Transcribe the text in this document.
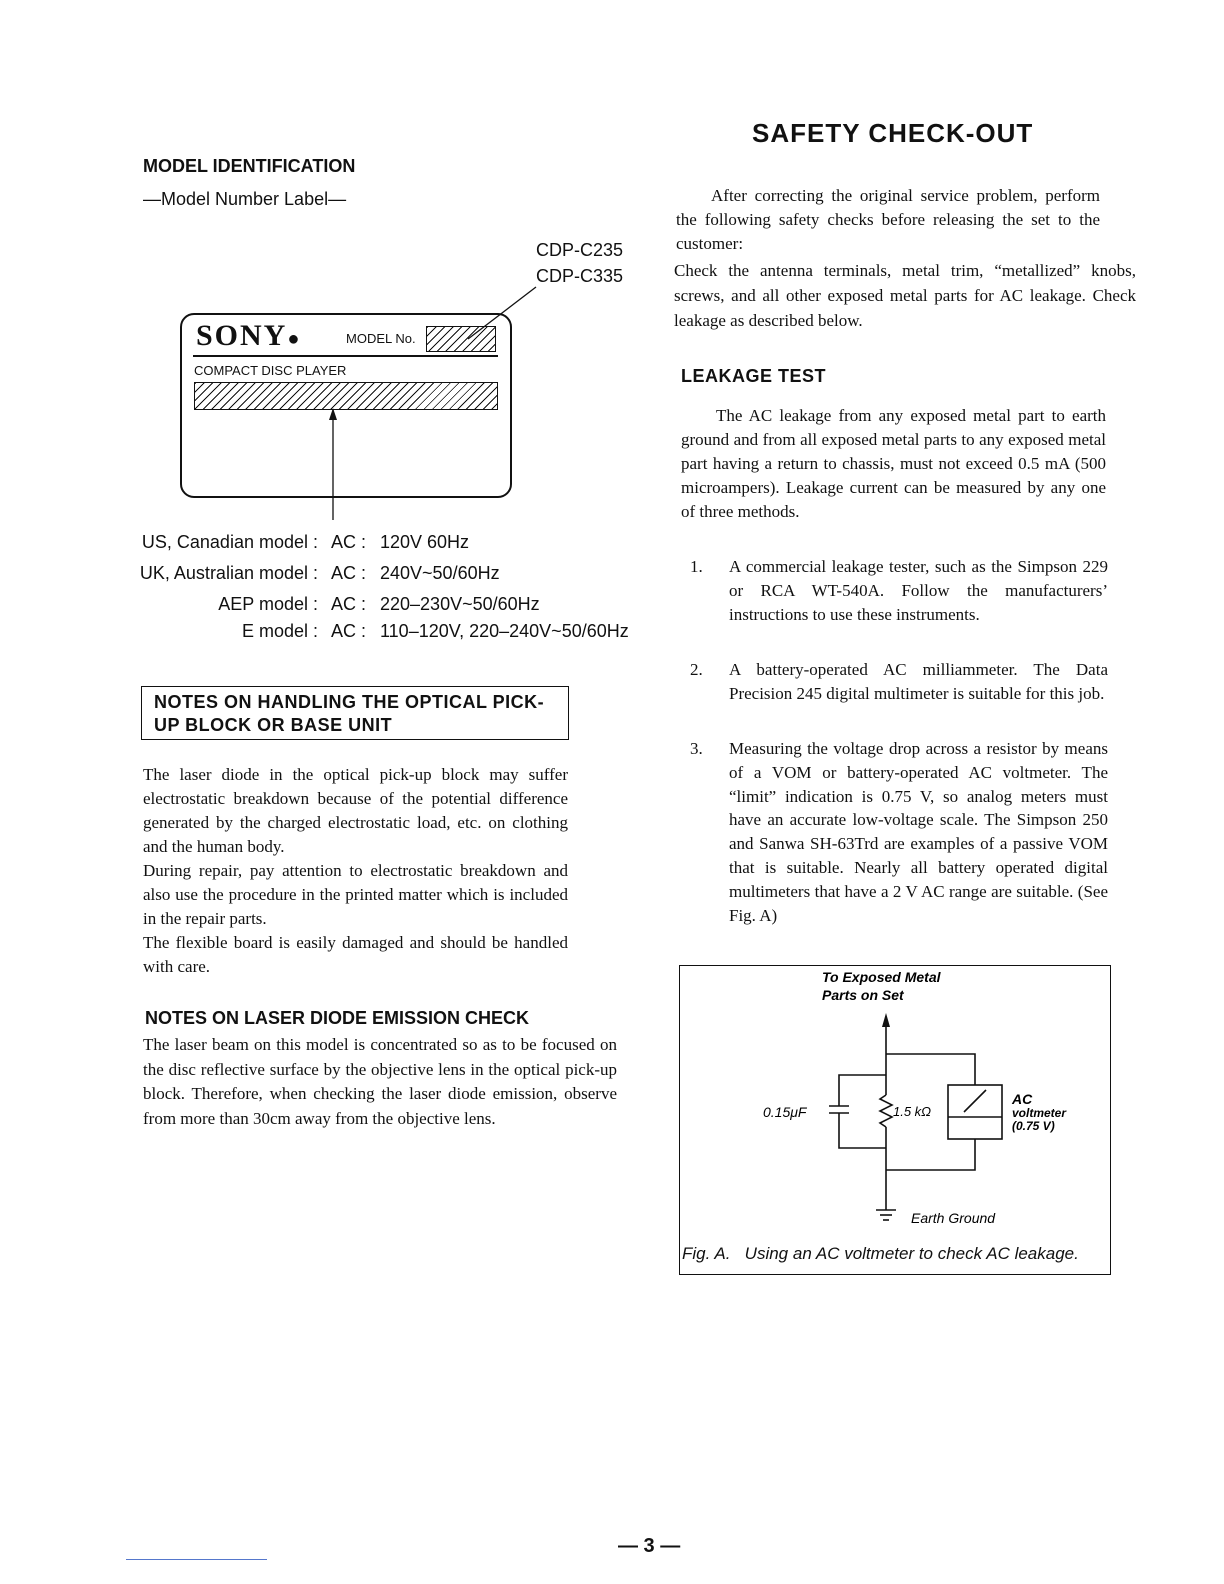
MODEL IDENTIFICATION
—Model Number Label—
CDP-C235
CDP-C335
SONY●	MODEL No.
COMPACT DISC PLAYER
US, Canadian model : AC : 120V 60Hz
UK, Australian model : AC : 240V~50/60Hz
AEP model : AC : 220–230V~50/60Hz
E model : AC : 110–120V, 220–240V~50/60Hz
NOTES ON HANDLING THE OPTICAL PICK-
UP BLOCK OR BASE UNIT

The laser diode in the optical pick-up block may suffer electrostatic breakdown because of the potential difference generated by the charged electrostatic load, etc. on clothing and the human body.

During repair, pay attention to electrostatic breakdown and also use the procedure in the printed matter which is included in the repair parts.

The flexible board is easily damaged and should be handled with care.

NOTES ON LASER DIODE EMISSION CHECK
The laser beam on this model is concentrated so as to be focused on the disc reflective surface by the objective lens in the optical pick-up block. Therefore, when checking the laser diode emission, observe from more than 30cm away from the objective lens.
SAFETY CHECK-OUT
After correcting the original service problem, perform the following safety checks before releasing the set to the customer:
Check the antenna terminals, metal trim, “metallized” knobs, screws, and all other exposed metal parts for AC leakage. Check leakage as described below.
LEAKAGE TEST
The AC leakage from any exposed metal part to earth ground and from all exposed metal parts to any exposed metal part having a return to chassis, must not exceed 0.5 mA (500 microampers). Leakage current can be measured by any one of three methods.
1. A commercial leakage tester, such as the Simpson 229 or RCA WT-540A. Follow the manufacturers’ instructions to use these instruments.
2. A battery-operated AC milliammeter. The Data Precision 245 digital multimeter is suitable for this job.
3. Measuring the voltage drop across a resistor by means of a VOM or battery-operated AC voltmeter. The “limit” indication is 0.75 V, so analog meters must have an accurate low-voltage scale. The Simpson 250 and Sanwa SH-63Trd are examples of a passive VOM that is suitable. Nearly all battery operated digital multimeters that have a 2 V AC range are suitable. (See Fig. A)
To Exposed Metal
Parts on Set
0.15μF	1.5 kΩ
AC
voltmeter
(0.75 V)
Earth Ground
Fig. A. Using an AC voltmeter to check AC leakage.
— 3 —
